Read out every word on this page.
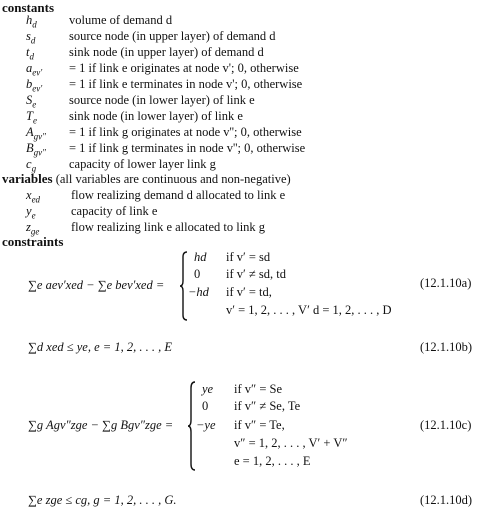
constants
$h_d$	volume of demand d
$s_d$	source node (in upper layer) of demand d
$t_d$	sink node (in upper layer) of demand d
$a_{ev'} = 1$ if link e originates at node v'; 0, otherwise
$b_{ev'} = 1$ if link e terminates in node v'; 0, otherwise
$S_e$	source node (in lower layer) of link e
$T_e$	sink node (in lower layer) of link e
$A_{gv''} = 1$ if link g originates at node v''; 0, otherwise
$B_{gv''} = 1$ if link g terminates in node v''; 0, otherwise
$c_g$	capacity of lower layer link g
variables (all variables are continuous and non-negative)
$x_{ed}$ flow realizing demand d allocated to link e
$y_e$	capacity of link e
$z_{ge}$	flow realizing link e allocated to link g
constraints
∑e aev′xed − ∑e bev′xed =
hd if v′ = sd
0 if v′ ≠ sd, td
−hd if v′ = td,
v′ = 1, 2, . . . , V′ d = 1, 2, . . . , D
(12.1.10a)
∑d xed ≤ ye, e = 1, 2, . . . , E	(12.1.10b)
∑g Agv″zge − ∑g Bgv″zge =
ye if v″ = Se
0 if v″ ≠ Se, Te
−ye if v″ = Te,
v″ = 1, 2, . . . , V′ + V″
e = 1, 2, . . . , E
(12.1.10c)
∑e zge ≤ cg, g = 1, 2, . . . , G.	(12.1.10d)
